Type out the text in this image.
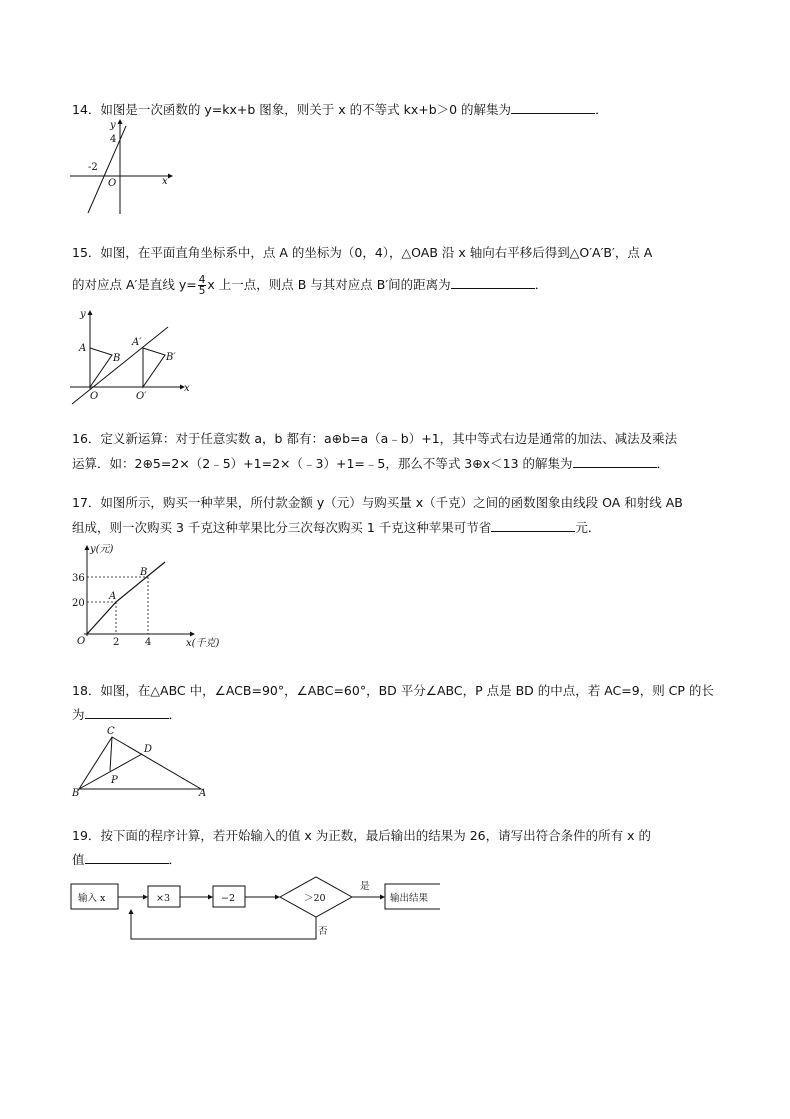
14．如图是一次函数的 y=kx+b 图象，则关于 x 的不等式 kx+b＞0 的解集为	．
y
x
O
4
-2
15．如图，在平面直角坐标系中，点 A 的坐标为（0，4），△OAB 沿 x 轴向右平移后得到△O′A′B′，点 A
的对应点 A′是直线 $y= \frac{4}{5}$ x 上一点，则点 B 与其对应点 B′间的距离为	．
y
x
O
A
B
O′
A′
B′
16．定义新运算：对于任意实数 a，b 都有：a⊕b=a（a﹣b）+1，其中等式右边是通常的加法、减法及乘法
运算．如：2⊕5=2×（2﹣5）+1=2×（﹣3）+1=﹣5，那么不等式 3⊕x＜13 的解集为	．
17．如图所示，购买一种苹果，所付款金额 y（元）与购买量 x（千克）之间的函数图象由线段 OA 和射线 AB
组成，则一次购买 3 千克这种苹果比分三次每次购买 1 千克这种苹果可节省	元．
y(元)
x(千克)
O
A
B
36
20
2	4
18．如图，在△ABC 中，∠ACB=90°，∠ABC=60°，BD 平分∠ABC，P 点是 BD 的中点，若 AC=9，则 CP 的长
为	．
A
B
C
D
P
19．按下面的程序计算，若开始输入的值 x 为正数，最后输出的结果为 26，请写出符合条件的所有 x 的
值	．
输入 x	×3	−2	＞20	输出结果
是
否
